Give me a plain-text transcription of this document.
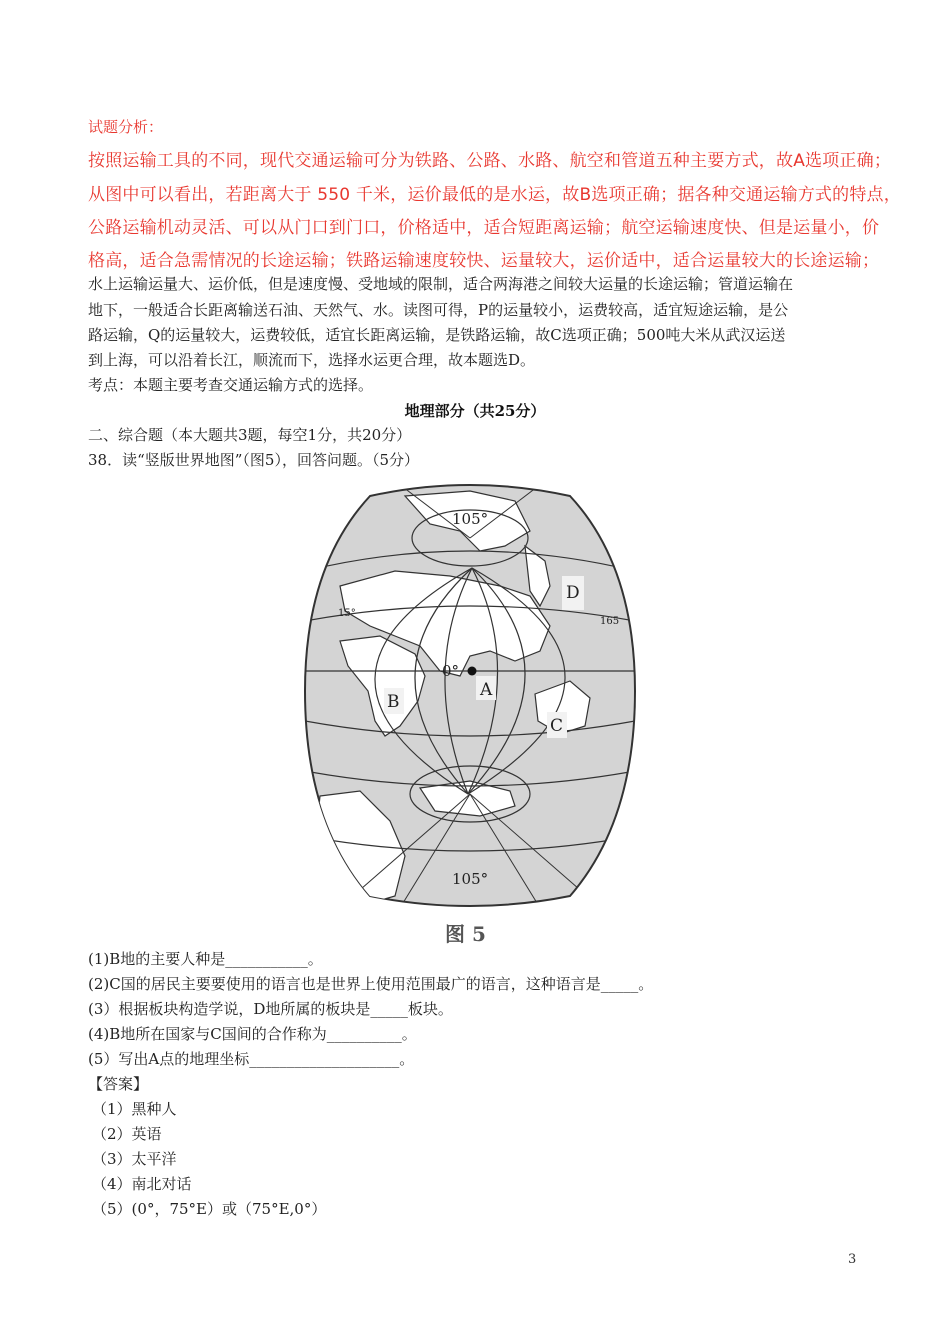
试题分析：
按照运输工具的不同，现代交通运输可分为铁路、公路、水路、航空和管道五种主要方式，故A选项正确；
从图中可以看出，若距离大于 550 千米，运价最低的是水运，故B选项正确；据各种交通运输方式的特点，
公路运输机动灵活、可以从门口到门口，价格适中，适合短距离运输；航空运输速度快、但是运量小，价
格高，适合急需情况的长途运输；铁路运输速度较快、运量较大，运价适中，适合运量较大的长途运输；
水上运输运量大、运价低，但是速度慢、受地域的限制，适合两海港之间较大运量的长途运输；管道运输在
地下，一般适合长距离输送石油、天然气、水。读图可得，P的运量较小，运费较高，适宜短途运输，是公
路运输，Q的运量较大，运费较低，适宜长距离运输，是铁路运输，故C选项正确；500吨大米从武汉运送
到上海，可以沿着长江，顺流而下，选择水运更合理，故本题选D。
考点：本题主要考查交通运输方式的选择。
地理部分（共25分）
二、综合题（本大题共3题，每空1分，共20分）
38．读“竖版世界地图”（图5），回答问题。（5分）
105°
105°
0°
15°
165
A
B
C
D
图 5
(1)B地的主要人种是___________。
(2)C国的居民主要要使用的语言也是世界上使用范围最广的语言，这种语言是_____。
(3）根据板块构造学说，D地所属的板块是_____板块。
(4)B地所在国家与C国间的合作称为__________。
(5）写出A点的地理坐标____________________。
【答案】
（1）黑种人
（2）英语
（3）太平洋
（4）南北对话
（5）(0°，75°E）或（75°E,0°）
3
